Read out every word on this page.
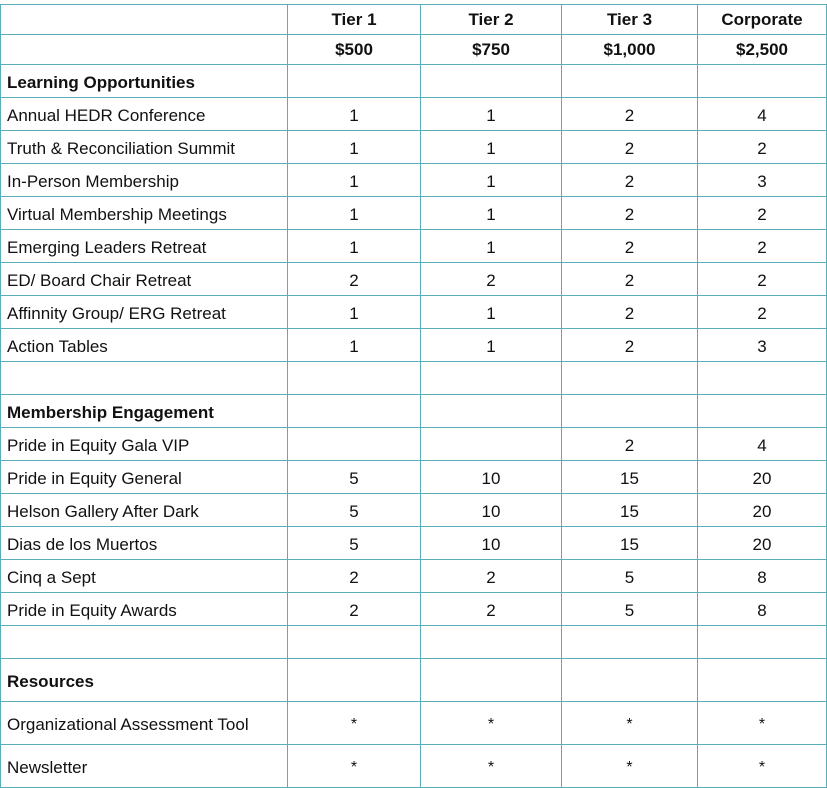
	Tier 1	Tier 2	Tier 3	Corporate
	$500	$750	$1,000	$2,500
Learning Opportunities				
Annual HEDR Conference	1	1	2	4
Truth & Reconciliation Summit	1	1	2	2
In-Person Membership	1	1	2	3
Virtual Membership Meetings	1	1	2	2
Emerging Leaders Retreat	1	1	2	2
ED/ Board Chair Retreat	2	2	2	2
Affinnity Group/ ERG Retreat	1	1	2	2
Action Tables	1	1	2	3

Membership Engagement				
Pride in Equity Gala VIP			2	4
Pride in Equity General	5	10	15	20
Helson Gallery After Dark	5	10	15	20
Dias de los Muertos	5	10	15	20
Cinq a Sept	2	2	5	8
Pride in Equity Awards	2	2	5	8

Resources				
Organizational Assessment Tool	*	*	*	*
Newsletter	*	*	*	*
